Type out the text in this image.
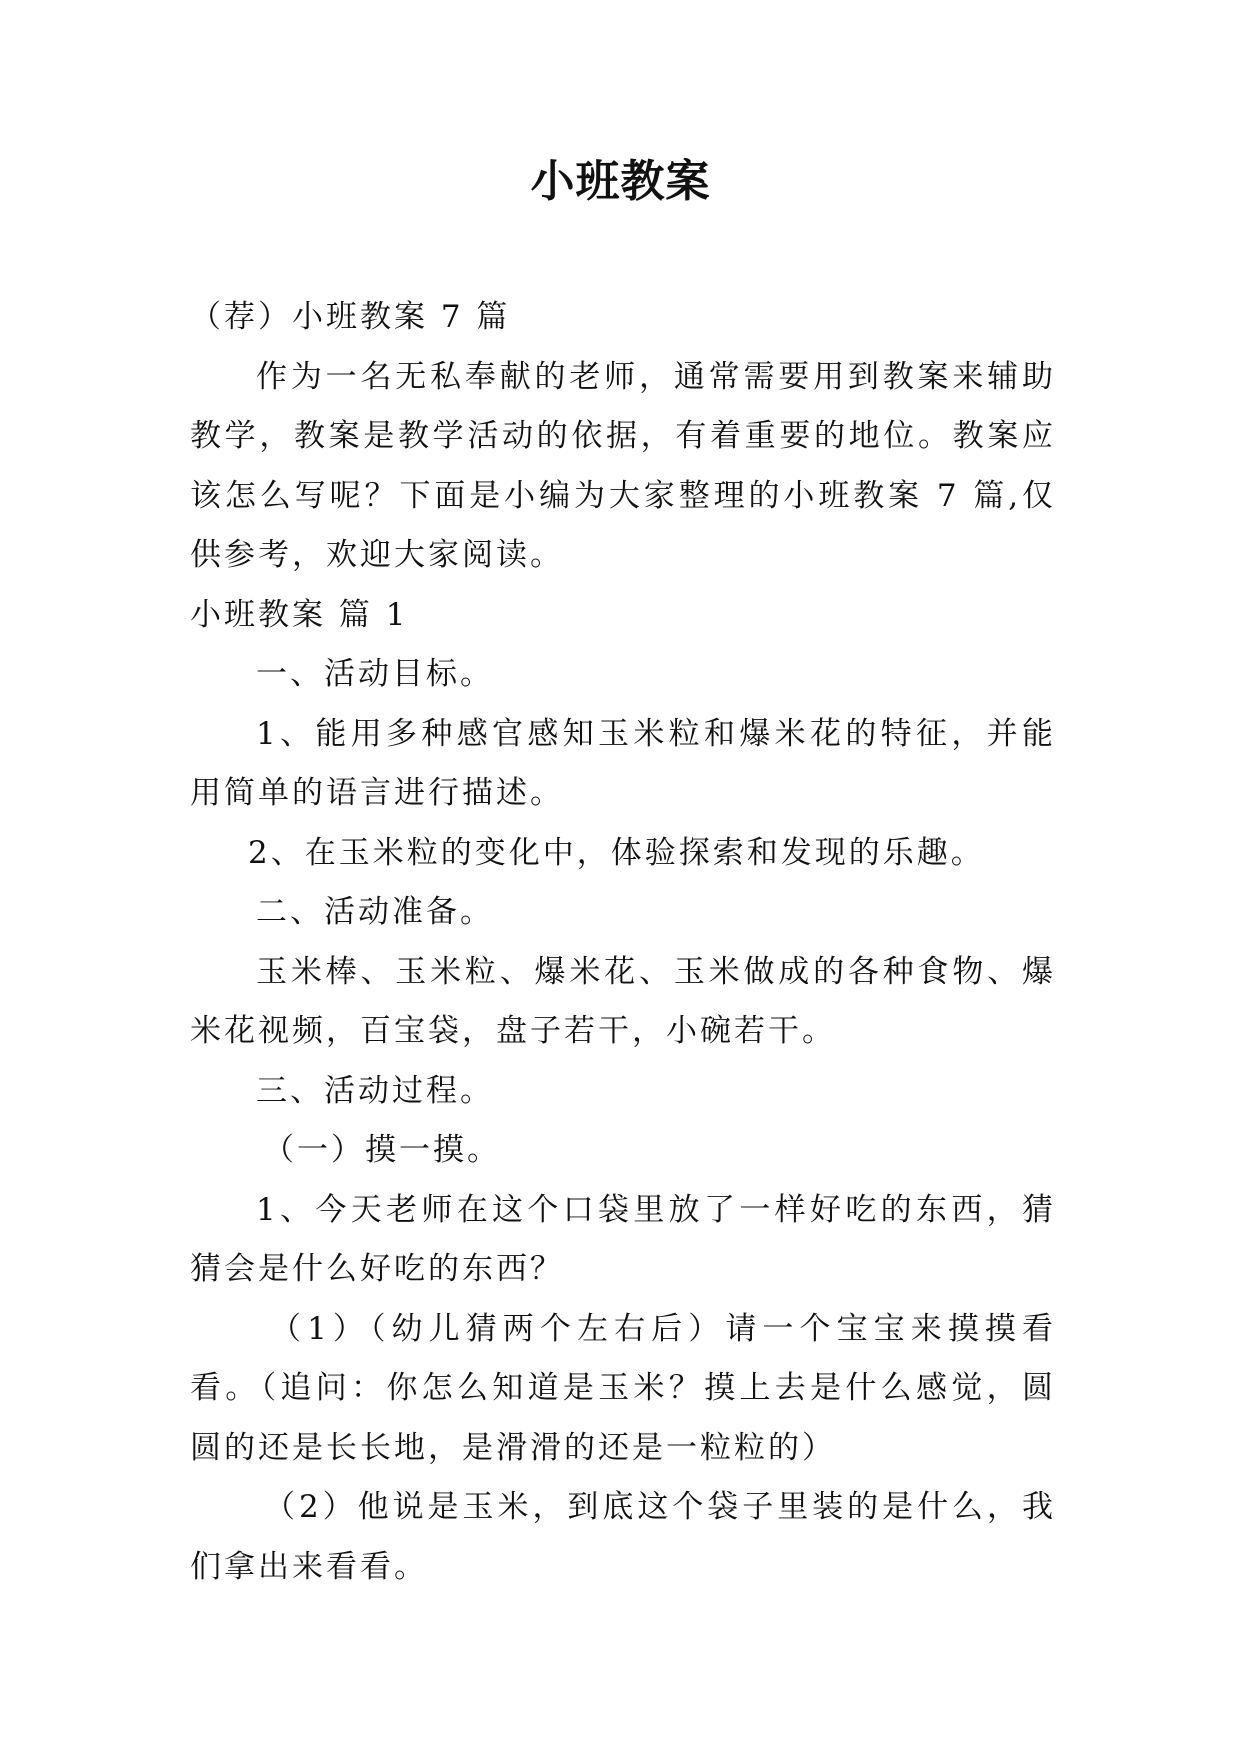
小班教案

（荐）小班教案 7 篇

作为一名无私奉献的老师，通常需要用到教案来辅助教学，教案是教学活动的依据，有着重要的地位。教案应该怎么写呢？下面是小编为大家整理的小班教案 7 篇,仅供参考，欢迎大家阅读。

小班教案 篇 1

一、活动目标。

1、能用多种感官感知玉米粒和爆米花的特征，并能用简单的语言进行描述。

2、在玉米粒的变化中，体验探索和发现的乐趣。

二、活动准备。

玉米棒、玉米粒、爆米花、玉米做成的各种食物、爆米花视频，百宝袋，盘子若干，小碗若干。

三、活动过程。

（一）摸一摸。

1、今天老师在这个口袋里放了一样好吃的东西，猜猜会是什么好吃的东西？

（1）（幼儿猜两个左右后）请一个宝宝来摸摸看看。（追问：你怎么知道是玉米？摸上去是什么感觉，圆圆的还是长长地，是滑滑的还是一粒粒的）

（2）他说是玉米，到底这个袋子里装的是什么，我们拿出来看看。
